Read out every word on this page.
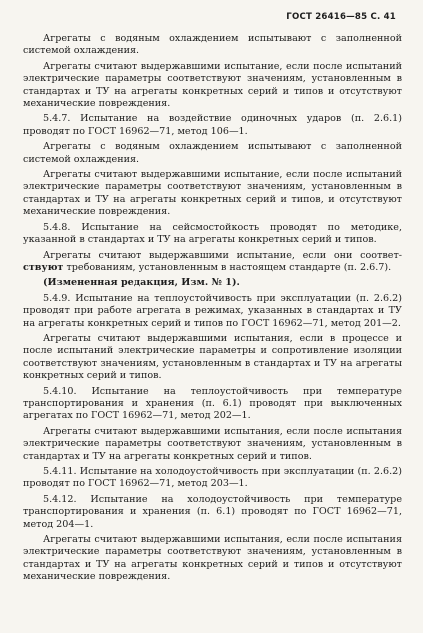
ГОСТ 26416—85 С. 41

Агрегаты с водяным охлаждением испытывают с заполненной системой охлаждения.

Агрегаты считают выдержавшими испытание, если после испытаний электрические параметры соответствуют значениям, установленным в стандартах и ТУ на агрегаты конкретных серий и типов и отсутствуют механические повреждения.

5.4.7. Испытание на воздействие одиночных ударов (п. 2.6.1) проводят по ГОСТ 16962—71, метод 106—1.

Агрегаты с водяным охлаждением испытывают с заполненной системой охлаждения.

Агрегаты считают выдержавшими испытание, если после испытаний электрические параметры соответствуют значениям, установленным в стандартах и ТУ на агрегаты конкретных серий и типов, и отсутствуют механические повреждения.

5.4.8. Испытание на сейсмостойкость проводят по методике, указанной в стандартах и ТУ на агрегаты конкретных серий и типов.

Агрегаты считают выдержавшими испытание, если они соответ-ствуют требованиям, установленным в настоящем стандарте (п. 2.6.7).

(Измененная редакция, Изм. № 1).

5.4.9. Испытание на теплоустойчивость при эксплуатации (п. 2.6.2) проводят при работе агрегата в режимах, указанных в стандартах и ТУ на агрегаты конкретных серий и типов по ГОСТ 16962—71, метод 201—2.

Агрегаты считают выдержавшими испытания, если в процессе и после испытаний электрические параметры и сопротивление изоляции соответствуют значениям, установленным в стандартах и ТУ на агрегаты конкретных серий и типов.

5.4.10. Испытание на теплоустойчивость при температуре транспортирования и хранения (п. 6.1) проводят при выключенных агрегатах по ГОСТ 16962—71, метод 202—1.

Агрегаты считают выдержавшими испытания, если после испытания электрические параметры соответствуют значениям, установленным в стандартах и ТУ на агрегаты конкретных серий и типов.

5.4.11. Испытание на холодоустойчивость при эксплуатации (п. 2.6.2) проводят по ГОСТ 16962—71, метод 203—1.

5.4.12. Испытание на холодоустойчивость при температуре транспортирования и хранения (п. 6.1) проводят по ГОСТ 16962—71, метод 204—1.

Агрегаты считают выдержавшими испытания, если после испытания электрические параметры соответствуют значениям, установленным в стандартах и ТУ на агрегаты конкретных серий и типов и отсутствуют механические повреждения.
